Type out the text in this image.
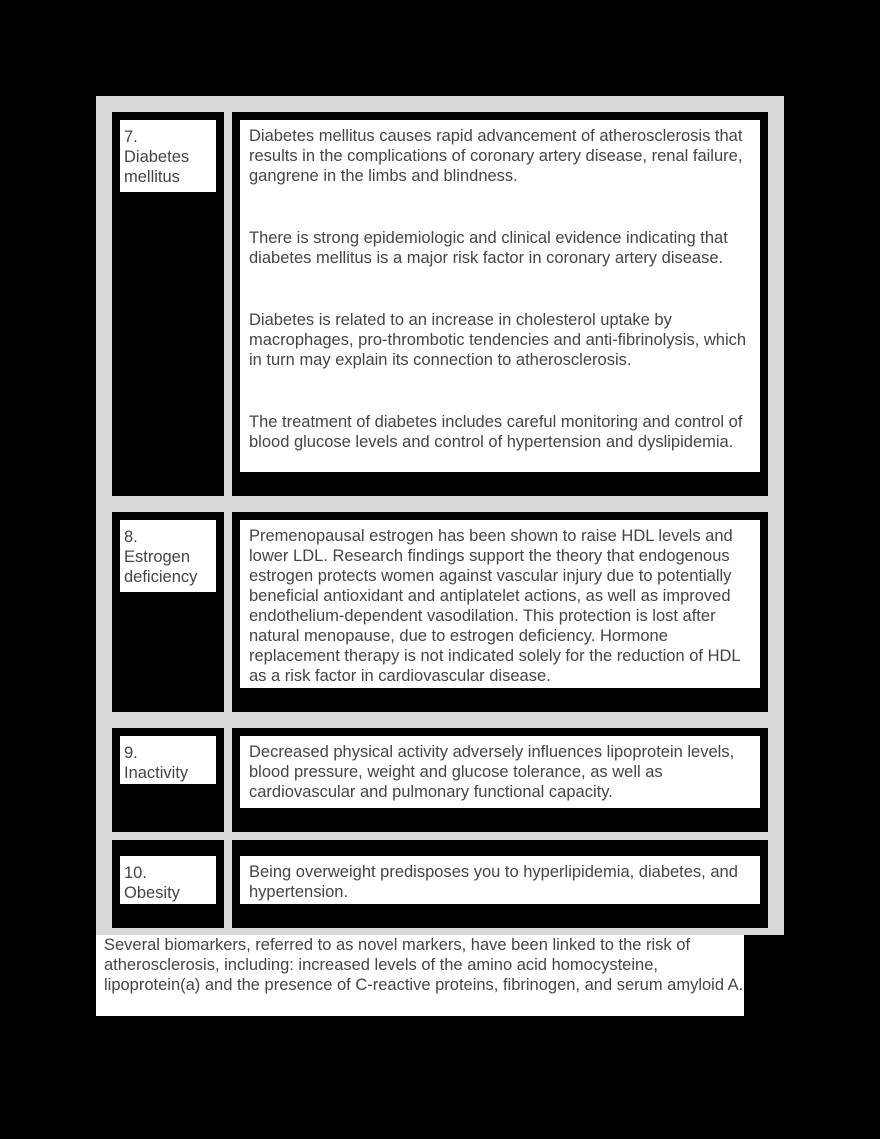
7.
Diabetes
mellitus

Diabetes mellitus causes rapid advancement of atherosclerosis that results in the complications of coronary artery disease, renal failure, gangrene in the limbs and blindness.

There is strong epidemiologic and clinical evidence indicating that diabetes mellitus is a major risk factor in coronary artery disease.

Diabetes is related to an increase in cholesterol uptake by macrophages, pro-thrombotic tendencies and anti-fibrinolysis, which in turn may explain its connection to atherosclerosis.

The treatment of diabetes includes careful monitoring and control of blood glucose levels and control of hypertension and dyslipidemia.

8.
Estrogen
deficiency

Premenopausal estrogen has been shown to raise HDL levels and lower LDL. Research findings support the theory that endogenous estrogen protects women against vascular injury due to potentially beneficial antioxidant and antiplatelet actions, as well as improved endothelium-dependent vasodilation. This protection is lost after natural menopause, due to estrogen deficiency. Hormone replacement therapy is not indicated solely for the reduction of HDL as a risk factor in cardiovascular disease.

9.
Inactivity

Decreased physical activity adversely influences lipoprotein levels, blood pressure, weight and glucose tolerance, as well as cardiovascular and pulmonary functional capacity.

10.
Obesity

Being overweight predisposes you to hyperlipidemia, diabetes, and hypertension.

Several biomarkers, referred to as novel markers, have been linked to the risk of atherosclerosis, including: increased levels of the amino acid homocysteine, lipoprotein(a) and the presence of C-reactive proteins, fibrinogen, and serum amyloid A.
